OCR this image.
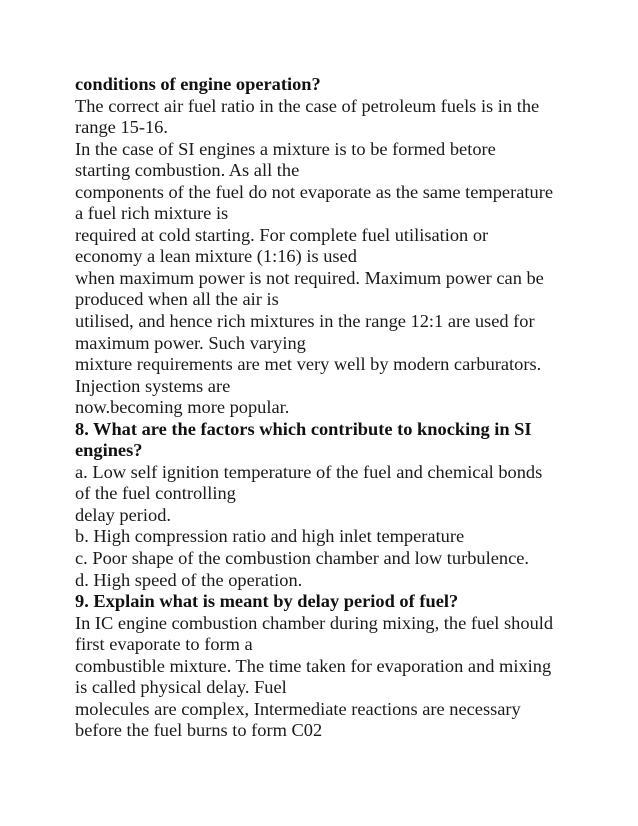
conditions of engine operation?
The correct air fuel ratio in the case of petroleum fuels is in the
range 15-16.
In the case of SI engines a mixture is to be formed betore
starting combustion. As all the
components of the fuel do not evaporate as the same temperature
a fuel rich mixture is
required at cold starting. For complete fuel utilisation or
economy a lean mixture (1:16) is used
when maximum power is not required. Maximum power can be
produced when all the air is
utilised, and hence rich mixtures in the range 12:1 are used for
maximum power. Such varying
mixture requirements are met very well by modern carburators.
Injection systems are
now.becoming more popular.
8. What are the factors which contribute to knocking in SI
engines?
a. Low self ignition temperature of the fuel and chemical bonds
of the fuel controlling
delay period.
b. High compression ratio and high inlet temperature
c. Poor shape of the combustion chamber and low turbulence.
d. High speed of the operation.
9. Explain what is meant by delay period of fuel?
In IC engine combustion chamber during mixing, the fuel should
first evaporate to form a
combustible mixture. The time taken for evaporation and mixing
is called physical delay. Fuel
molecules are complex, Intermediate reactions are necessary
before the fuel burns to form C02
